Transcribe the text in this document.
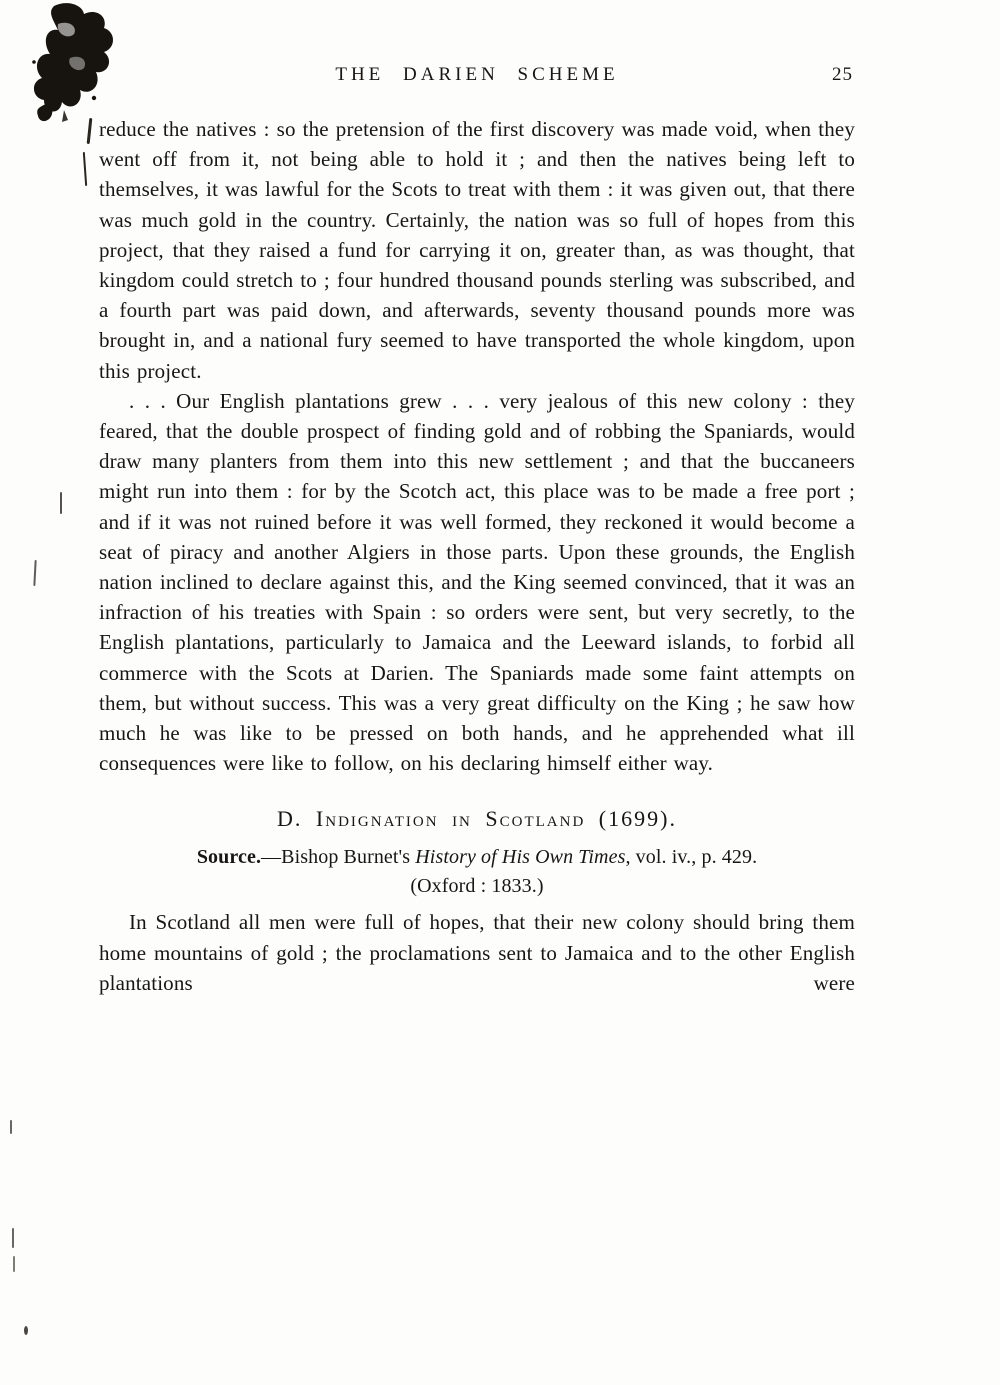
THE DARIEN SCHEME	25

reduce the natives : so the pretension of the first discovery was made void, when they went off from it, not being able to hold it ; and then the natives being left to themselves, it was lawful for the Scots to treat with them : it was given out, that there was much gold in the country. Certainly, the nation was so full of hopes from this project, that they raised a fund for carrying it on, greater than, as was thought, that kingdom could stretch to ; four hundred thousand pounds sterling was subscribed, and a fourth part was paid down, and afterwards, seventy thousand pounds more was brought in, and a national fury seemed to have transported the whole kingdom, upon this project.

. . . Our English plantations grew . . . very jealous of this new colony : they feared, that the double prospect of finding gold and of robbing the Spaniards, would draw many planters from them into this new settlement ; and that the buccaneers might run into them : for by the Scotch act, this place was to be made a free port ; and if it was not ruined before it was well formed, they reckoned it would become a seat of piracy and another Algiers in those parts. Upon these grounds, the English nation inclined to declare against this, and the King seemed convinced, that it was an infraction of his treaties with Spain : so orders were sent, but very secretly, to the English plantations, particularly to Jamaica and the Leeward islands, to forbid all commerce with the Scots at Darien. The Spaniards made some faint attempts on them, but without success. This was a very great difficulty on the King ; he saw how much he was like to be pressed on both hands, and he apprehended what ill consequences were like to follow, on his declaring himself either way.

D. Indignation in Scotland (1699).
Source.—Bishop Burnet's History of His Own Times, vol. iv., p. 429.
(Oxford : 1833.)

In Scotland all men were full of hopes, that their new colony should bring them home mountains of gold ; the proclamations sent to Jamaica and to the other English plantations were
